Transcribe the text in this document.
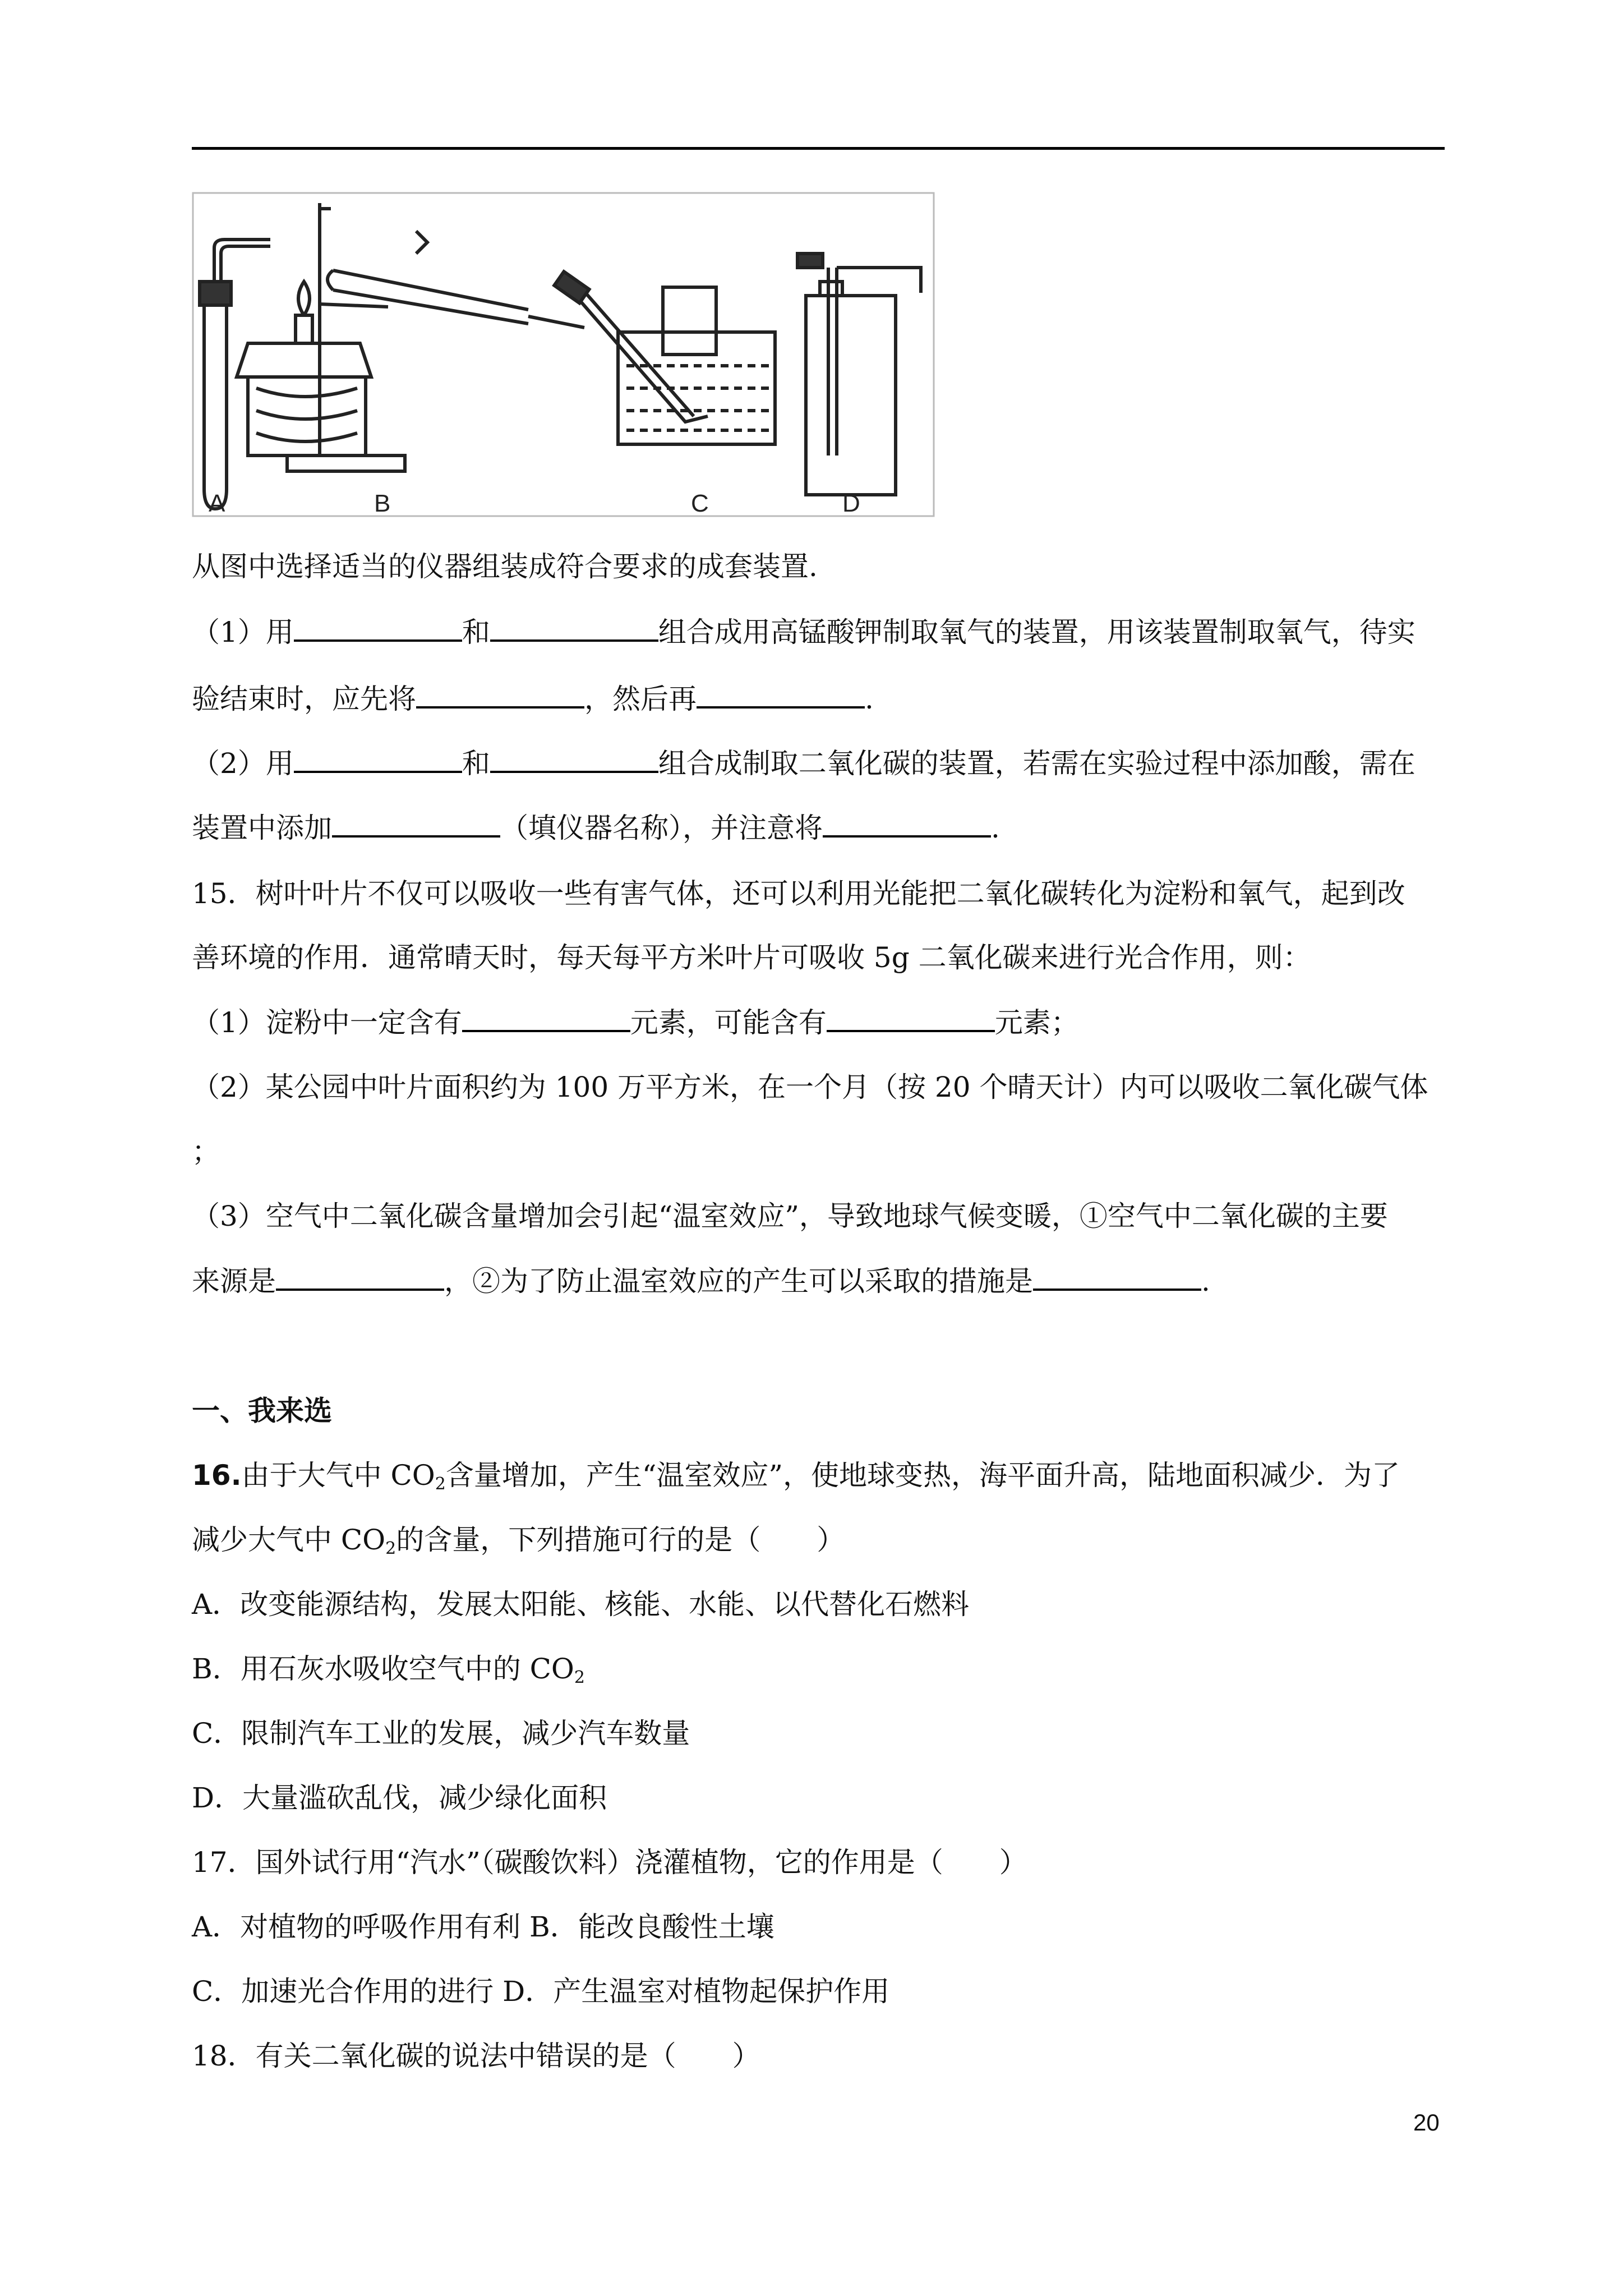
A	B	C	D
从图中选择适当的仪器组装成符合要求的成套装置.
（1）用	和	组合成用高锰酸钾制取氧气的装置，用该装置制取氧气，待实
验结束时，应先将	，然后再	.
（2）用	和	组合成制取二氧化碳的装置，若需在实验过程中添加酸，需在
装置中添加	（填仪器名称），并注意将	.
15．树叶叶片不仅可以吸收一些有害气体，还可以利用光能把二氧化碳转化为淀粉和氧气，起到改
善环境的作用．通常晴天时，每天每平方米叶片可吸收 5g 二氧化碳来进行光合作用，则：
（1）淀粉中一定含有	元素，可能含有	元素；
（2）某公园中叶片面积约为 100 万平方米，在一个月（按 20 个晴天计）内可以吸收二氧化碳气体
；
（3）空气中二氧化碳含量增加会引起“温室效应”，导致地球气候变暖，①空气中二氧化碳的主要
来源是	，②为了防止温室效应的产生可以采取的措施是	.
一、我来选
16.由于大气中 $CO_2$含量增加，产生“温室效应”，使地球变热，海平面升高，陆地面积减少．为了
减少大气中 $CO_2$的含量，下列措施可行的是（　　）
A．改变能源结构，发展太阳能、核能、水能、以代替化石燃料
B．用石灰水吸收空气中的 $CO_2$
C．限制汽车工业的发展，减少汽车数量
D．大量滥砍乱伐，减少绿化面积
17．国外试行用“汽水”（碳酸饮料）浇灌植物，它的作用是（　　）
A．对植物的呼吸作用有利 B．能改良酸性土壤
C．加速光合作用的进行 D．产生温室对植物起保护作用
18．有关二氧化碳的说法中错误的是（　　）
20
